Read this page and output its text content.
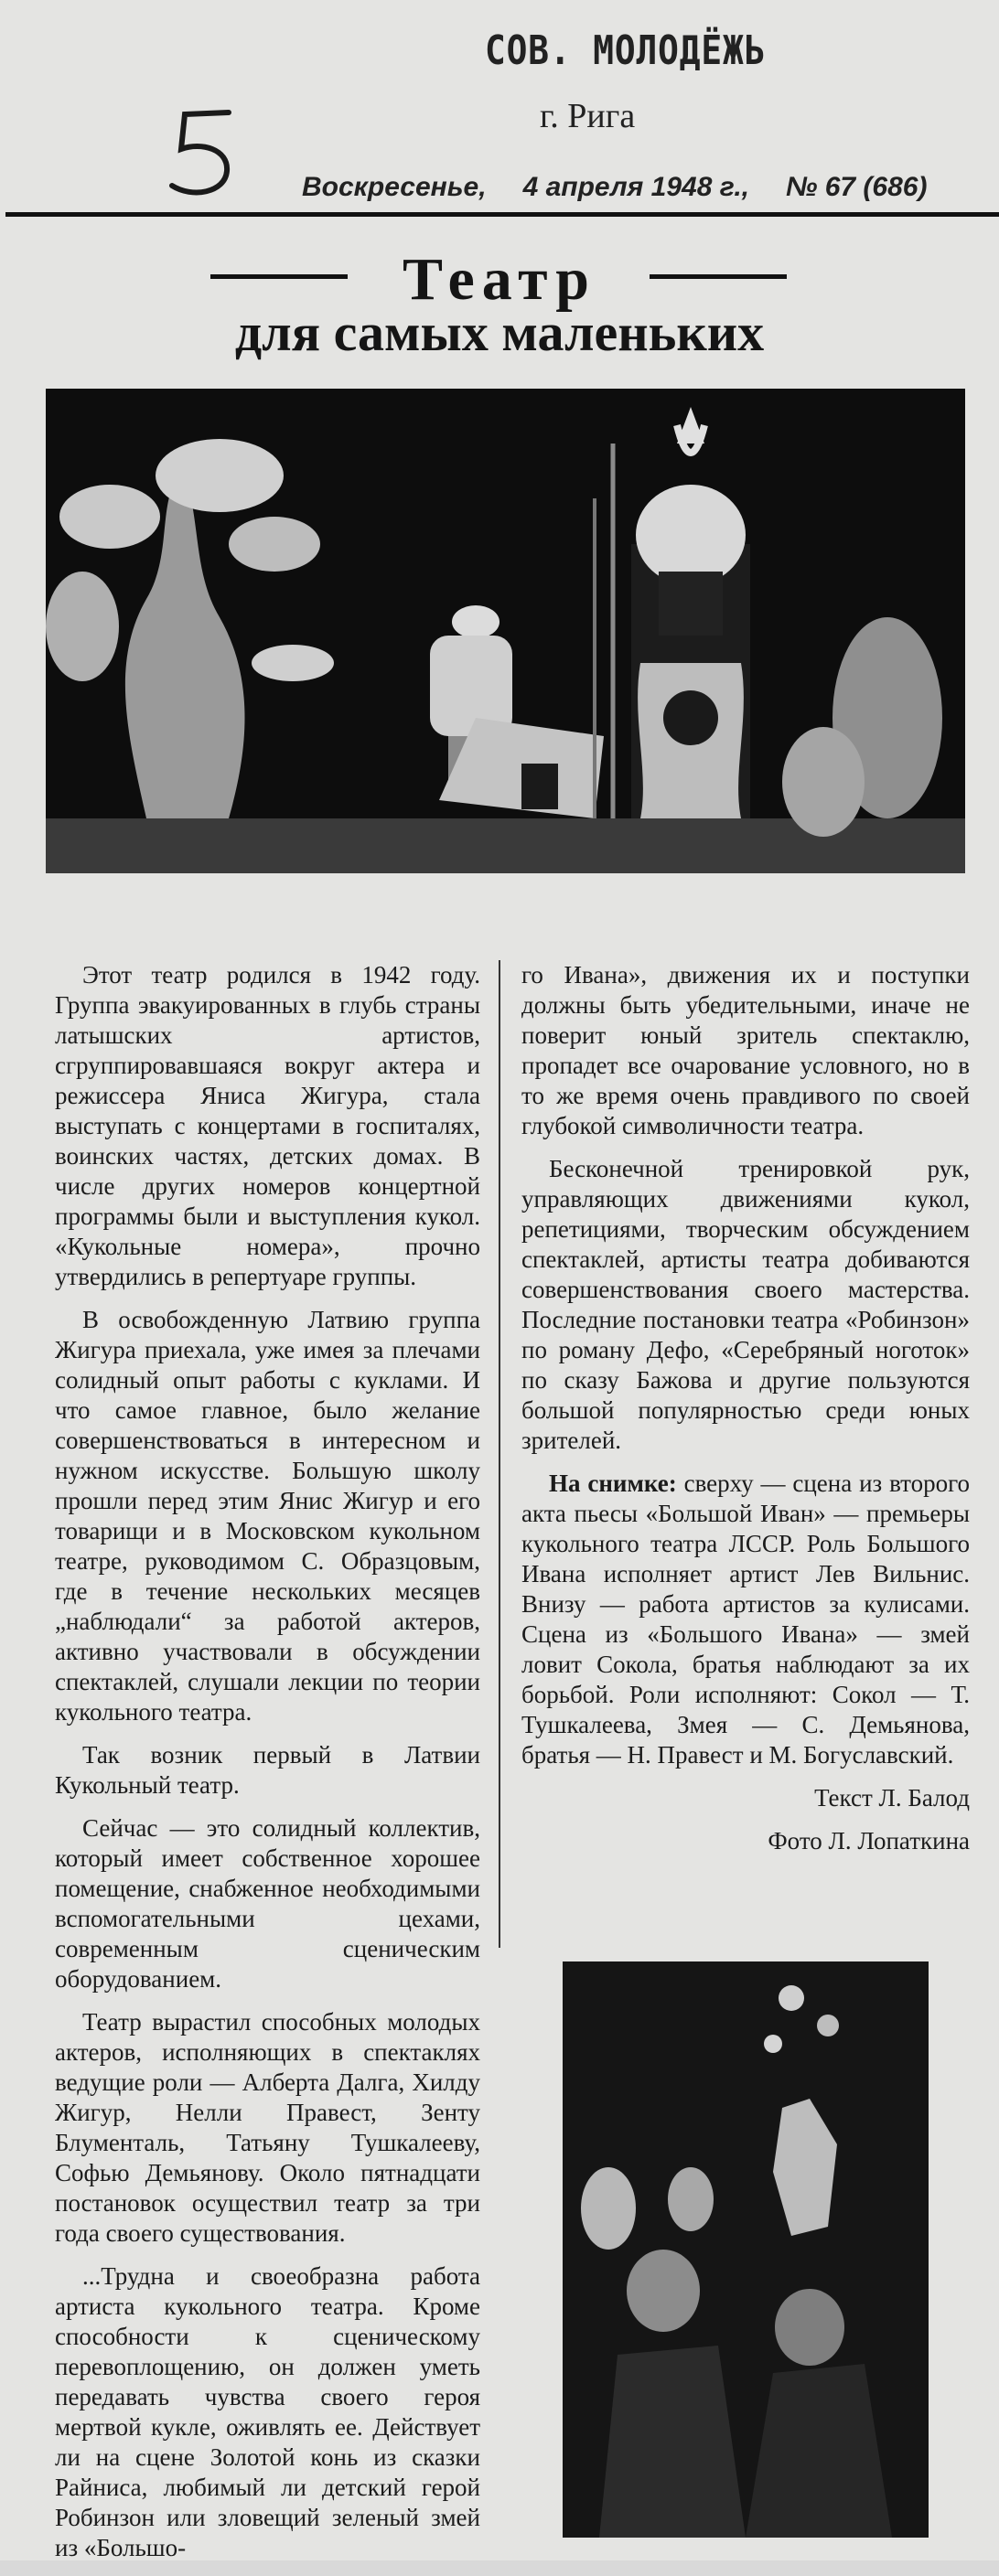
СОВ. МОЛОДЁЖЬ
г. Рига
Воскресенье, 4 апреля 1948 г., № 67 (686)
Театр
для самых маленьких

Этот театр родился в 1942 году. Группа эвакуированных в глубь страны латышских артистов, сгруппировавшаяся вокруг актера и режиссера Яниса Жигура, стала выступать с концертами в госпиталях, воинских частях, детских домах. В числе других номеров концертной программы были и выступления кукол. «Кукольные номера», прочно утвердились в репертуаре группы.

В освобожденную Латвию группа Жигура приехала, уже имея за плечами солидный опыт работы с куклами. И что самое главное, было желание совершенствоваться в интересном и нужном искусстве. Большую школу прошли перед этим Янис Жигур и его товарищи и в Московском кукольном театре, руководимом С. Образцовым, где в течение нескольких месяцев „наблюдали“ за работой актеров, активно участвовали в обсуждении спектаклей, слушали лекции по теории кукольного театра.

Так возник первый в Латвии Кукольный театр.

Сейчас — это солидный коллектив, который имеет собственное хорошее помещение, снабженное необходимыми вспомогательными цехами, современным сценическим оборудованием.

Театр вырастил способных молодых актеров, исполняющих в спектаклях ведущие роли — Алберта Далга, Хилду Жигур, Нелли Правест, Зенту Блументаль, Татьяну Тушкалееву, Софью Демьянову. Около пятнадцати постановок осуществил театр за три года своего существования.

...Трудна и своеобразна работа артиста кукольного театра. Кроме способности к сценическому перевоплощению, он должен уметь передавать чувства своего героя мертвой кукле, оживлять ее. Действует ли на сцене Золотой конь из сказки Райниса, любимый ли детский герой Робинзон или зловещий зеленый змей из «Большо-

го Ивана», движения их и поступки должны быть убедительными, иначе не поверит юный зритель спектаклю, пропадет все очарование условного, но в то же время очень правдивого по своей глубокой символичности театра.

Бесконечной тренировкой рук, управляющих движениями кукол, репетициями, творческим обсуждением спектаклей, артисты театра добиваются совершенствования своего мастерства. Последние постановки театра «Робинзон» по роману Дефо, «Серебряный ноготок» по сказу Бажова и другие пользуются большой популярностью среди юных зрителей.

На снимке: сверху — сцена из второго акта пьесы «Большой Иван» — премьеры кукольного театра ЛССР. Роль Большого Ивана исполняет артист Лев Вильнис. Внизу — работа артистов за кулисами. Сцена из «Большого Ивана» — змей ловит Сокола, братья наблюдают за их борьбой. Роли исполняют: Сокол — Т. Тушкалеева, Змея — С. Демьянова, братья — Н. Правест и М. Богуславский.

Текст Л. Балод

Фото Л. Лопаткина
